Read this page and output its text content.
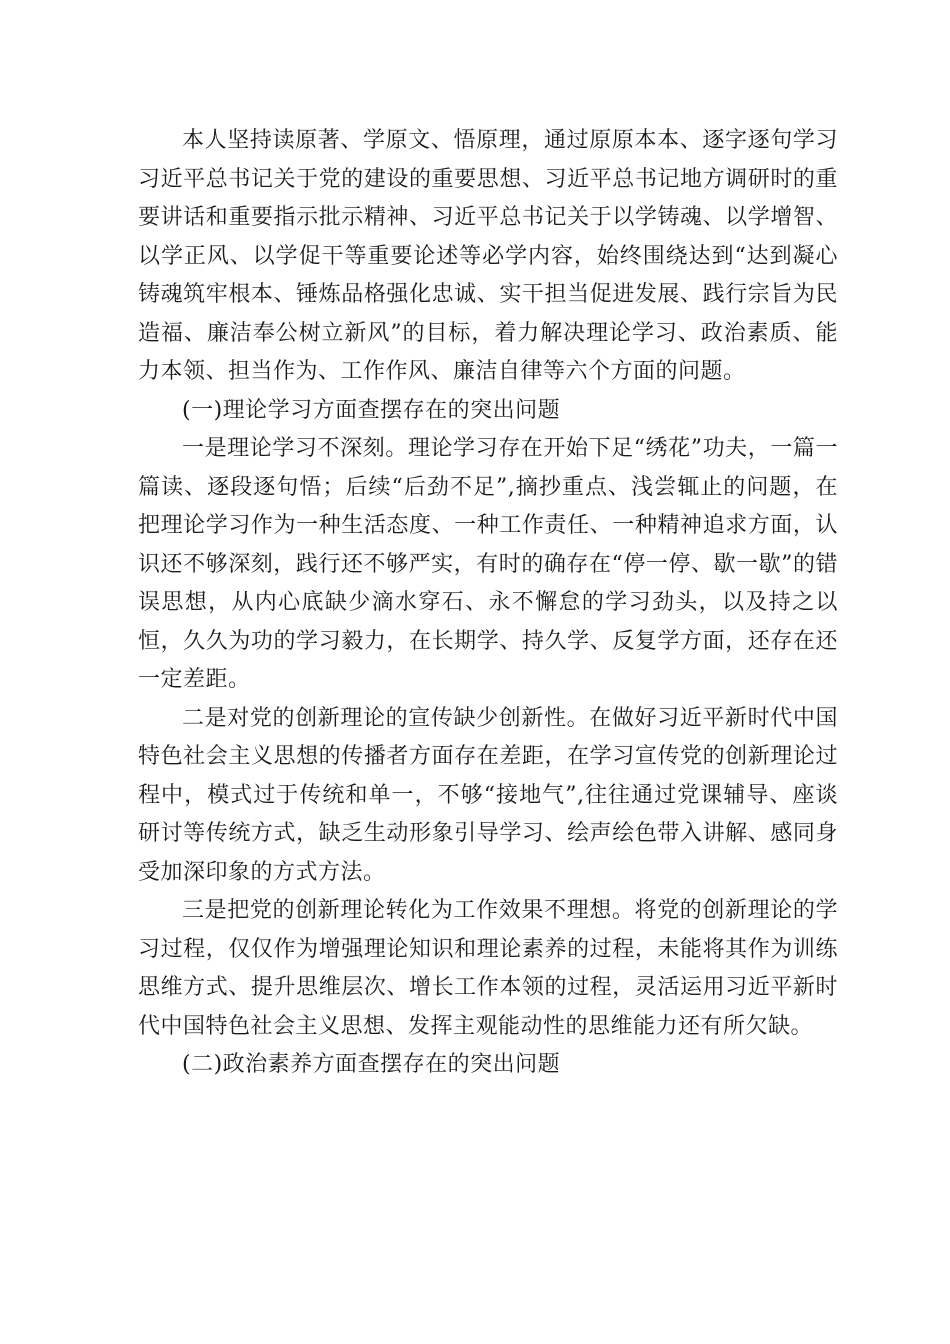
本人坚持读原著、学原文、悟原理，通过原原本本、逐字逐句学习习近平总书记关于党的建设的重要思想、习近平总书记地方调研时的重要讲话和重要指示批示精神、习近平总书记关于以学铸魂、以学增智、以学正风、以学促干等重要论述等必学内容，始终围绕达到“达到凝心铸魂筑牢根本、锤炼品格强化忠诚、实干担当促进发展、践行宗旨为民造福、廉洁奉公树立新风”的目标，着力解决理论学习、政治素质、能力本领、担当作为、工作作风、廉洁自律等六个方面的问题。

(一)理论学习方面查摆存在的突出问题

一是理论学习不深刻。理论学习存在开始下足“绣花”功夫，一篇一篇读、逐段逐句悟；后续“后劲不足”,摘抄重点、浅尝辄止的问题，在把理论学习作为一种生活态度、一种工作责任、一种精神追求方面，认识还不够深刻，践行还不够严实，有时的确存在“停一停、歇一歇”的错误思想，从内心底缺少滴水穿石、永不懈怠的学习劲头，以及持之以恒，久久为功的学习毅力，在长期学、持久学、反复学方面，还存在还一定差距。

二是对党的创新理论的宣传缺少创新性。在做好习近平新时代中国特色社会主义思想的传播者方面存在差距，在学习宣传党的创新理论过程中，模式过于传统和单一，不够“接地气”,往往通过党课辅导、座谈研讨等传统方式，缺乏生动形象引导学习、绘声绘色带入讲解、感同身受加深印象的方式方法。

三是把党的创新理论转化为工作效果不理想。将党的创新理论的学习过程，仅仅作为增强理论知识和理论素养的过程，未能将其作为训练思维方式、提升思维层次、增长工作本领的过程，灵活运用习近平新时代中国特色社会主义思想、发挥主观能动性的思维能力还有所欠缺。

(二)政治素养方面查摆存在的突出问题
